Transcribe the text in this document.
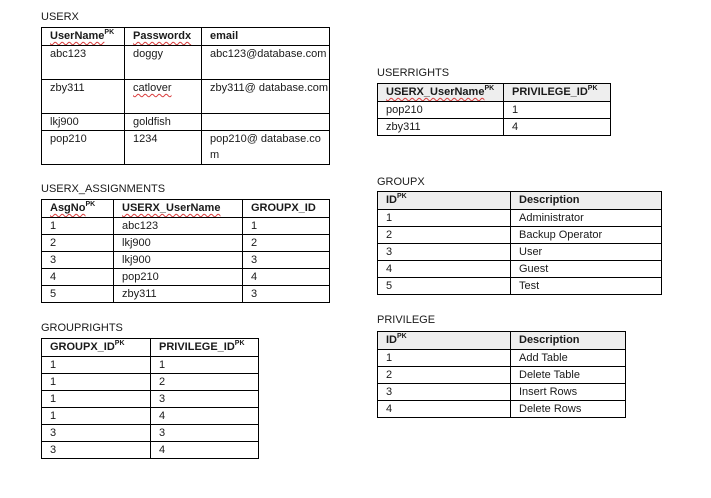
USERX
UserName$^{PK}$	Passwordx	email
abc123	doggy	abc123@database.com
zby311	catlover	zby311@ database.com
lkj900	goldfish	
pop210	1234	pop210@ database.com
USERX_ASSIGNMENTS
AsgNo$^{PK}$	USERX_UserName	GROUPX_ID
1	abc123	1
2	lkj900	2
3	lkj900	3
4	pop210	4
5	zby311	3
GROUPRIGHTS
$GROUPX\_ID^{PK}$	$PRIVILEGE\_ID^{PK}$
1	1
1	2
1	3
1	4
3	3
3	4
USERRIGHTS
USERX_UserName$^{PK}$	$PRIVILEGE\_ID^{PK}$
pop210	1
zby311	4
GROUPX
$ID^{PK}$	Description
1	Administrator
2	Backup Operator
3	User
4	Guest
5	Test
PRIVILEGE
$ID^{PK}$	Description
1	Add Table
2	Delete Table
3	Insert Rows
4	Delete Rows
